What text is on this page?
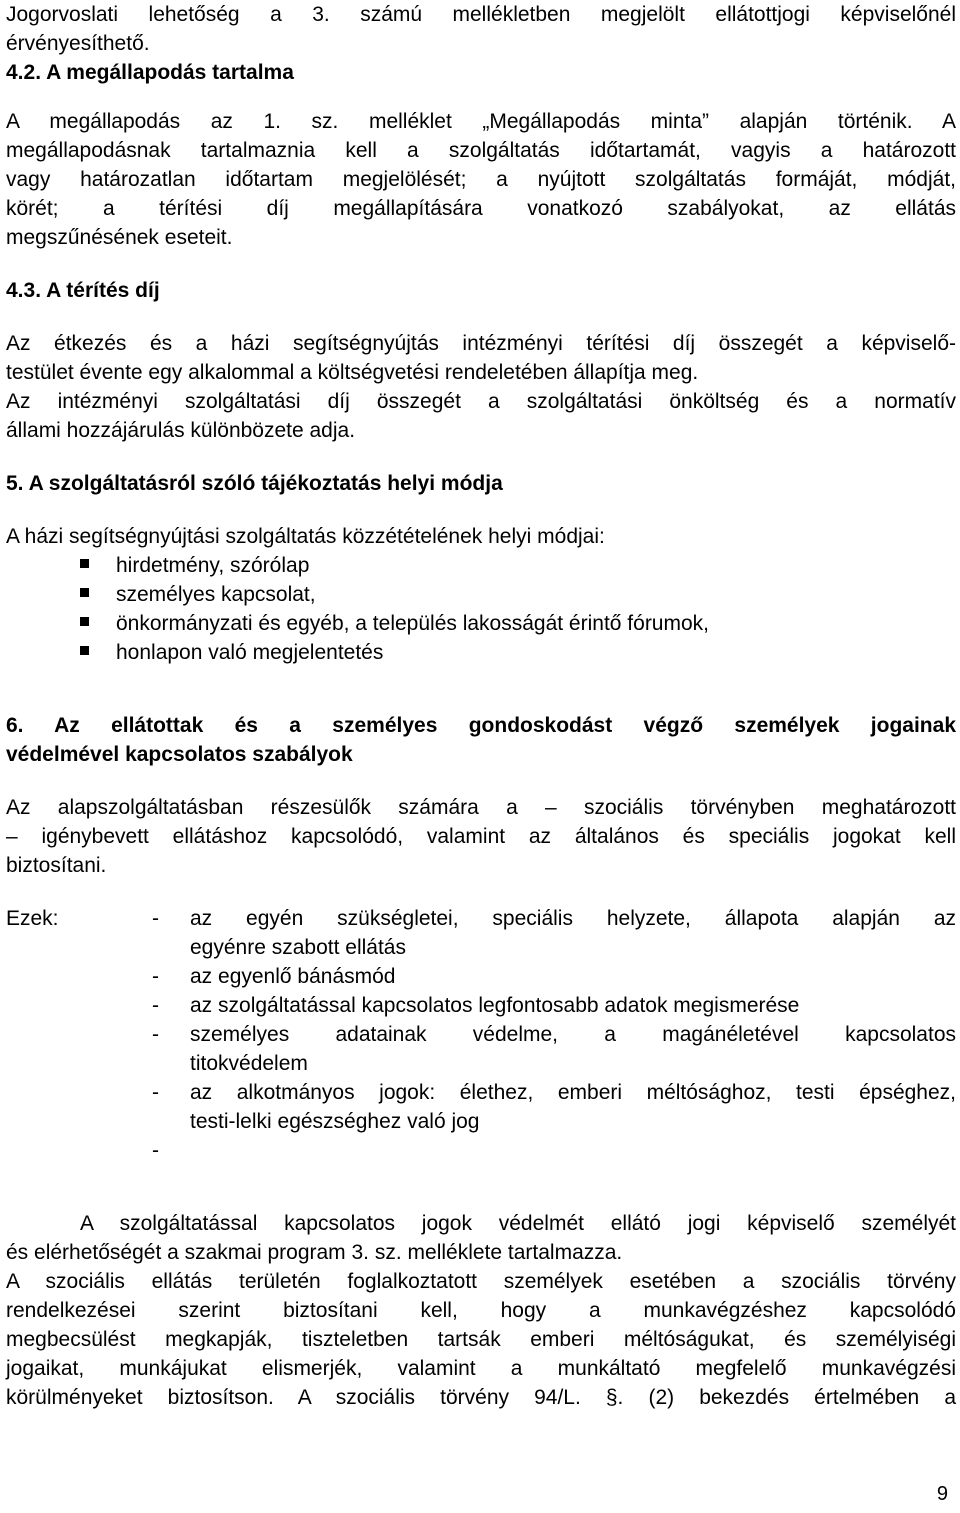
Jogorvoslati lehetőség a 3. számú mellékletben megjelölt ellátottjogi képviselőnél
érvényesíthető.
4.2. A megállapodás tartalma
A megállapodás az 1. sz. melléklet „Megállapodás minta” alapján történik. A
megállapodásnak tartalmaznia kell a szolgáltatás időtartamát, vagyis a határozott
vagy határozatlan időtartam megjelölését; a nyújtott szolgáltatás formáját, módját,
körét; a térítési díj megállapítására vonatkozó szabályokat, az ellátás
megszűnésének eseteit.
4.3. A térítés díj
Az étkezés és a házi segítségnyújtás intézményi térítési díj összegét a képviselő-
testület évente egy alkalommal a költségvetési rendeletében állapítja meg.
Az intézményi szolgáltatási díj összegét a szolgáltatási önköltség és a normatív
állami hozzájárulás különbözete adja.
5. A szolgáltatásról szóló tájékoztatás helyi módja
A házi segítségnyújtási szolgáltatás közzétételének helyi módjai:
hirdetmény, szórólap
személyes kapcsolat,
önkormányzati és egyéb, a település lakosságát érintő fórumok,
honlapon való megjelentetés
6. Az ellátottak és a személyes gondoskodást végző személyek jogainak
védelmével kapcsolatos szabályok
Az alapszolgáltatásban részesülők számára a – szociális törvényben meghatározott
– igénybevett ellátáshoz kapcsolódó, valamint az általános és speciális jogokat kell
biztosítani.
Ezek:	- az egyén szükségletei, speciális helyzete, állapota alapján az
egyénre szabott ellátás
- az egyenlő bánásmód
- az szolgáltatással kapcsolatos legfontosabb adatok megismerése
- személyes adatainak védelme, a magánéletével kapcsolatos
titokvédelem
- az alkotmányos jogok: élethez, emberi méltósághoz, testi épséghez,
testi-lelki egészséghez való jog
-
A szolgáltatással kapcsolatos jogok védelmét ellátó jogi képviselő személyét
és elérhetőségét a szakmai program 3. sz. melléklete tartalmazza.
A szociális ellátás területén foglalkoztatott személyek esetében a szociális törvény
rendelkezései szerint biztosítani kell, hogy a munkavégzéshez kapcsolódó
megbecsülést megkapják, tiszteletben tartsák emberi méltóságukat, és személyiségi
jogaikat, munkájukat elismerjék, valamint a munkáltató megfelelő munkavégzési
körülményeket biztosítson. A szociális törvény 94/L. §. (2) bekezdés értelmében a
9
